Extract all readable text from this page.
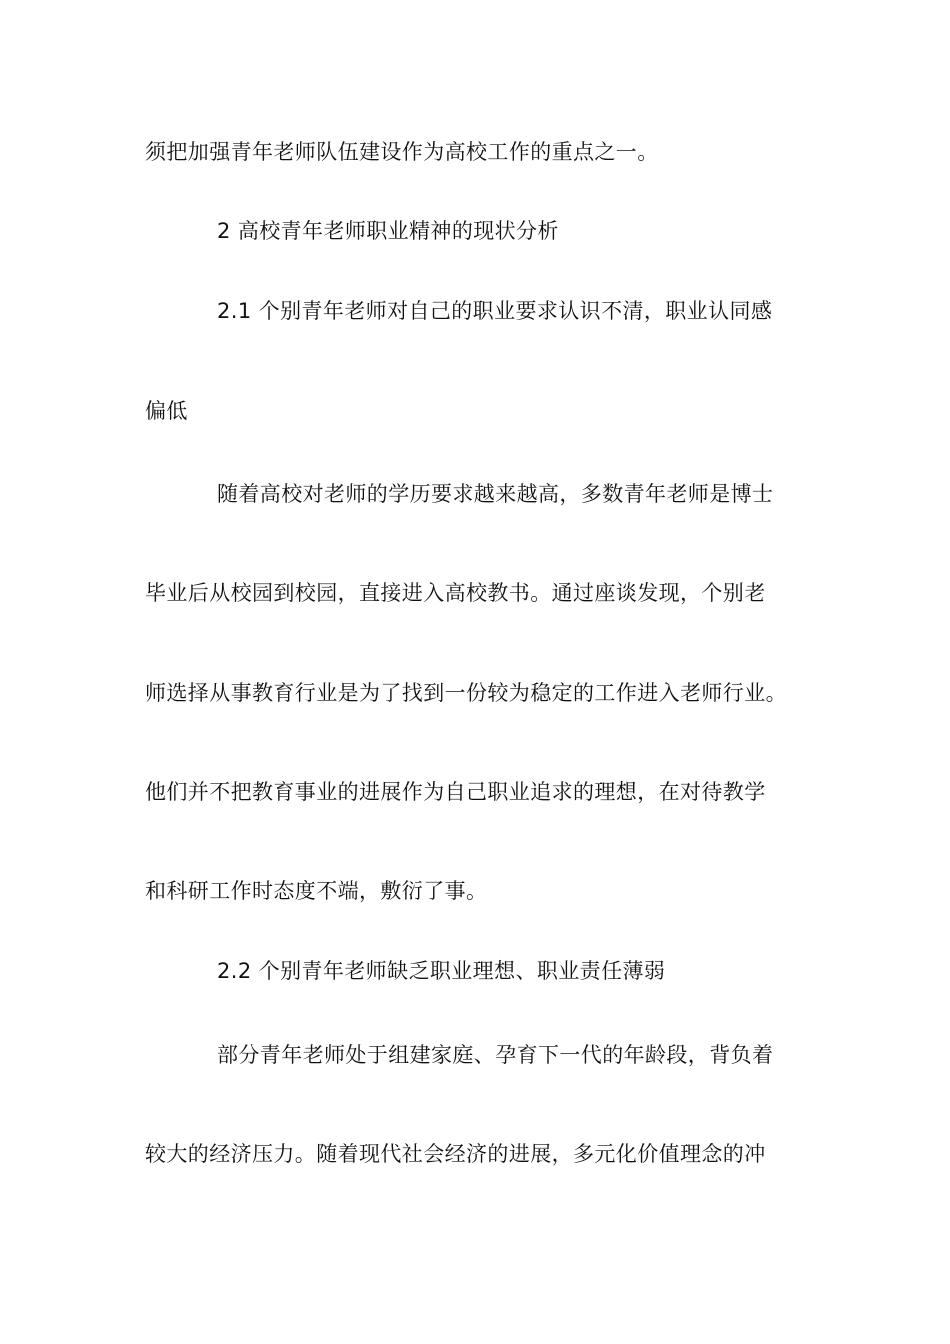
须把加强青年老师队伍建设作为高校工作的重点之一。
2 高校青年老师职业精神的现状分析
2.1 个别青年老师对自己的职业要求认识不清，职业认同感
偏低
随着高校对老师的学历要求越来越高，多数青年老师是博士
毕业后从校园到校园，直接进入高校教书。通过座谈发现，个别老
师选择从事教育行业是为了找到一份较为稳定的工作进入老师行业。
他们并不把教育事业的进展作为自己职业追求的理想，在对待教学
和科研工作时态度不端，敷衍了事。
2.2 个别青年老师缺乏职业理想、职业责任薄弱
部分青年老师处于组建家庭、孕育下一代的年龄段，背负着
较大的经济压力。随着现代社会经济的进展，多元化价值理念的冲
